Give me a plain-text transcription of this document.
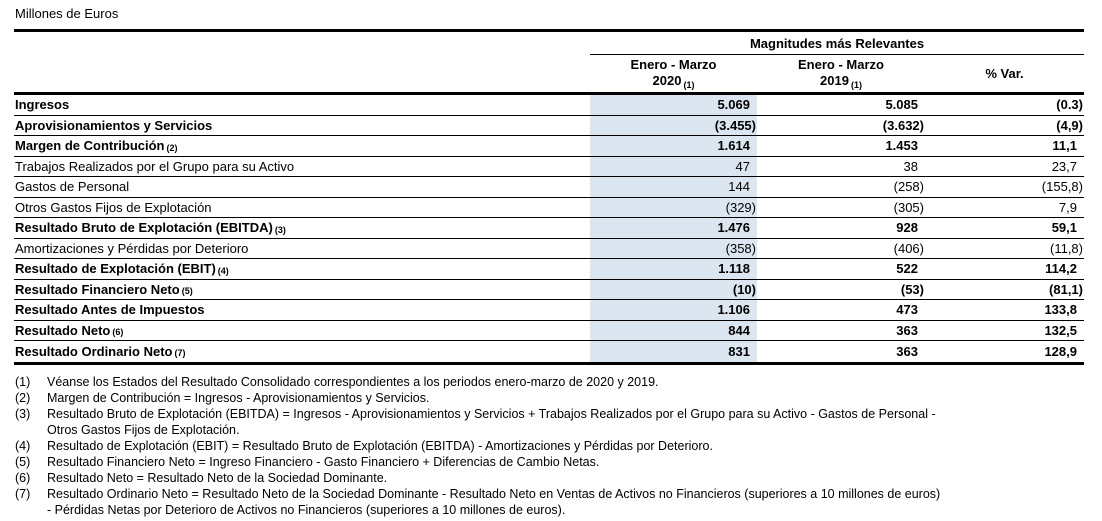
Millones de Euros
Magnitudes más Relevantes
Enero - Marzo
2020 $_{(1)}$
Enero - Marzo
2019 $_{(1)}$
% Var.
Ingresos	5.069	5.085	(0.3)
Aprovisionamientos y Servicios	(3.455)	(3.632)	(4,9)
Margen de Contribución (2)	1.614	1.453	11,1
Trabajos Realizados por el Grupo para su Activo	47	38	23,7
Gastos de Personal	144	(258)	(155,8)
Otros Gastos Fijos de Explotación	(329)	(305)	7,9
Resultado Bruto de Explotación (EBITDA) (3)	1.476	928	59,1
Amortizaciones y Pérdidas por Deterioro	(358)	(406)	(11,8)
Resultado de Explotación (EBIT) (4)	1.118	522	114,2
Resultado Financiero Neto (5)	(10)	(53)	(81,1)
Resultado Antes de Impuestos	1.106	473	133,8
Resultado Neto (6)	844	363	132,5
Resultado Ordinario Neto (7)	831	363	128,9
(1)	Véanse los Estados del Resultado Consolidado correspondientes a los periodos enero-marzo de 2020 y 2019.
(2)	Margen de Contribución = Ingresos - Aprovisionamientos y Servicios.
(3)	Resultado Bruto de Explotación (EBITDA) = Ingresos - Aprovisionamientos y Servicios + Trabajos Realizados por el Grupo para su Activo - Gastos de Personal -
Otros Gastos Fijos de Explotación.
(4)	Resultado de Explotación (EBIT) = Resultado Bruto de Explotación (EBITDA) - Amortizaciones y Pérdidas por Deterioro.
(5)	Resultado Financiero Neto = Ingreso Financiero - Gasto Financiero + Diferencias de Cambio Netas.
(6)	Resultado Neto = Resultado Neto de la Sociedad Dominante.
(7)	Resultado Ordinario Neto = Resultado Neto de la Sociedad Dominante - Resultado Neto en Ventas de Activos no Financieros (superiores a 10 millones de euros)
- Pérdidas Netas por Deterioro de Activos no Financieros (superiores a 10 millones de euros).
